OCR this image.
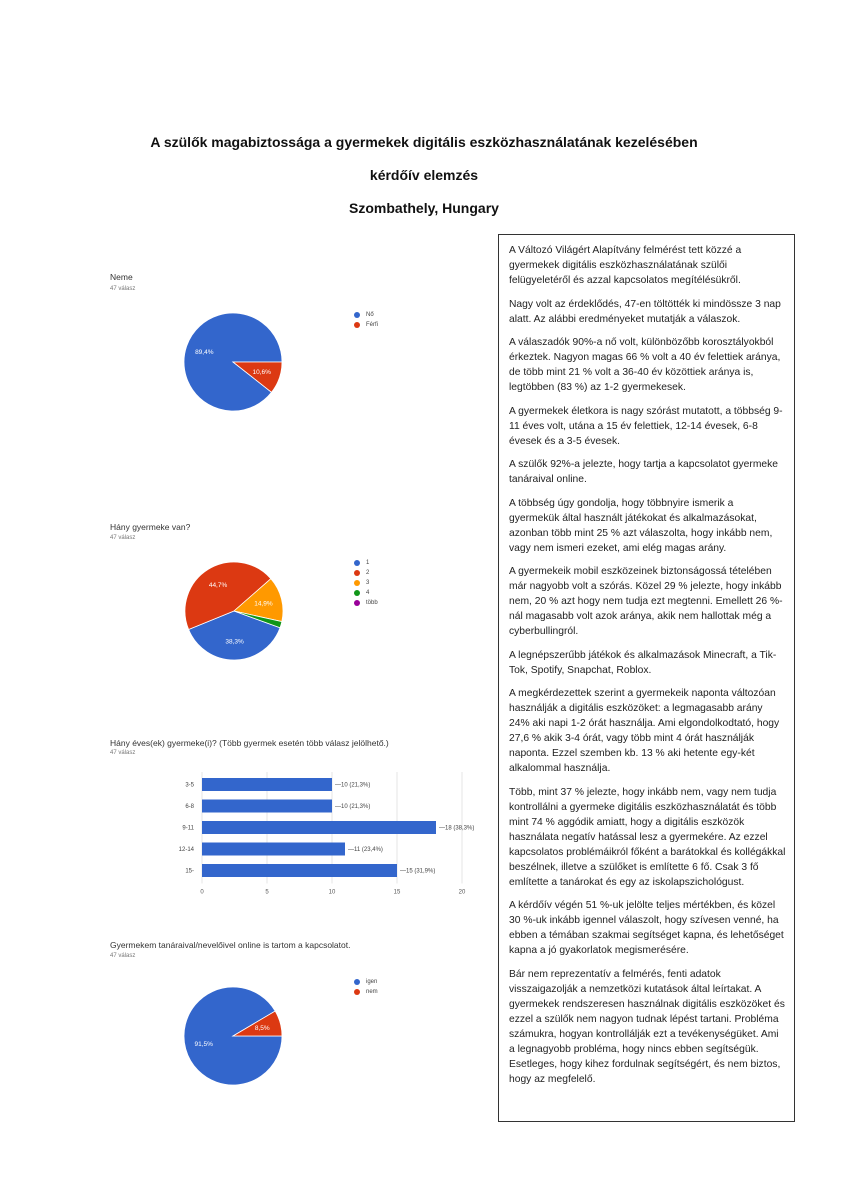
A szülők magabiztossága a gyermekek digitális eszközhasználatának kezelésében
kérdőív elemzés
Szombathely, Hungary
Neme
47 válasz
89,4%
10,6%
Nő
Férfi
Hány gyermeke van?
47 válasz
38,3%
44,7%
14,9%
1
2
3
4
több
Hány éves(ek) gyermeke(i)? (Több gyermek esetén több válasz jelölhető.)
47 válasz
0	5	10	15	20
3-5	—10 (21,3%)
6-8	—10 (21,3%)
9-11	—18 (38,3%)
12-14	—11 (23,4%)
15-	—15 (31,9%)
Gyermekem tanáraival/nevelőivel online is tartom a kapcsolatot.
47 válasz
91,5%
8,5%
igen
nem

A Változó Világért Alapítvány felmérést tett közzé a gyermekek digitális eszközhasználatának szülői felügyeletéről és azzal kapcsolatos megítélésükről.

Nagy volt az érdeklődés, 47-en töltötték ki mindössze 3 nap alatt. Az alábbi eredményeket mutatják a válaszok.

A válaszadók 90%-a nő volt, különbözőbb korosztályokból érkeztek. Nagyon magas 66 % volt a 40 év felettiek aránya, de több mint 21 % volt a 36-40 év közöttiek aránya is, legtöbben (83 %) az 1-2 gyermekesek.

A gyermekek életkora is nagy szórást mutatott, a többség 9-11 éves volt, utána a 15 év felettiek, 12-14 évesek, 6-8 évesek és a 3-5 évesek.

A szülők 92%-a jelezte, hogy tartja a kapcsolatot gyermeke tanáraival online.

A többség úgy gondolja, hogy többnyire ismerik a gyermekük által használt játékokat és alkalmazásokat, azonban több mint 25 % azt válaszolta, hogy inkább nem, vagy nem ismeri ezeket, ami elég magas arány.

A gyermekeik mobil eszközeinek biztonságossá tételében már nagyobb volt a szórás. Közel 29 % jelezte, hogy inkább nem, 20 % azt hogy nem tudja ezt megtenni. Emellett 26 %-nál magasabb volt azok aránya, akik nem hallottak még a cyberbullingról.

A legnépszerűbb játékok és alkalmazások Minecraft, a Tik-Tok, Spotify, Snapchat, Roblox.

A megkérdezettek szerint a gyermekeik naponta változóan használják a digitális eszközöket: a legmagasabb arány 24% aki napi 1-2 órát használja. Ami elgondolkodtató, hogy 27,6 % akik 3-4 órát, vagy több mint 4 órát használják naponta. Ezzel szemben kb. 13 % aki hetente egy-két alkalommal használja.

Több, mint 37 % jelezte, hogy inkább nem, vagy nem tudja kontrollálni a gyermeke digitális eszközhasználatát és több mint 74 % aggódik amiatt, hogy a digitális eszközök használata negatív hatással lesz a gyermekére. Az ezzel kapcsolatos problémáikról főként a barátokkal és kollégákkal beszélnek, illetve a szülőket is említette 6 fő. Csak 3 fő említette a tanárokat és egy az iskolapszichológust.

A kérdőív végén 51 %-uk jelölte teljes mértékben, és közel 30 %-uk inkább igennel válaszolt, hogy szívesen venné, ha ebben a témában szakmai segítséget kapna, és lehetőséget kapna a jó gyakorlatok megismerésére.

Bár nem reprezentatív a felmérés, fenti adatok visszaigazolják a nemzetközi kutatások által leírtakat. A gyermekek rendszeresen használnak digitális eszközöket és ezzel a szülők nem nagyon tudnak lépést tartani. Probléma számukra, hogyan kontrollálják ezt a tevékenységüket. Ami a legnagyobb probléma, hogy nincs ebben segítségük. Esetleges, hogy kihez fordulnak segítségért, és nem biztos, hogy az megfelelő.
